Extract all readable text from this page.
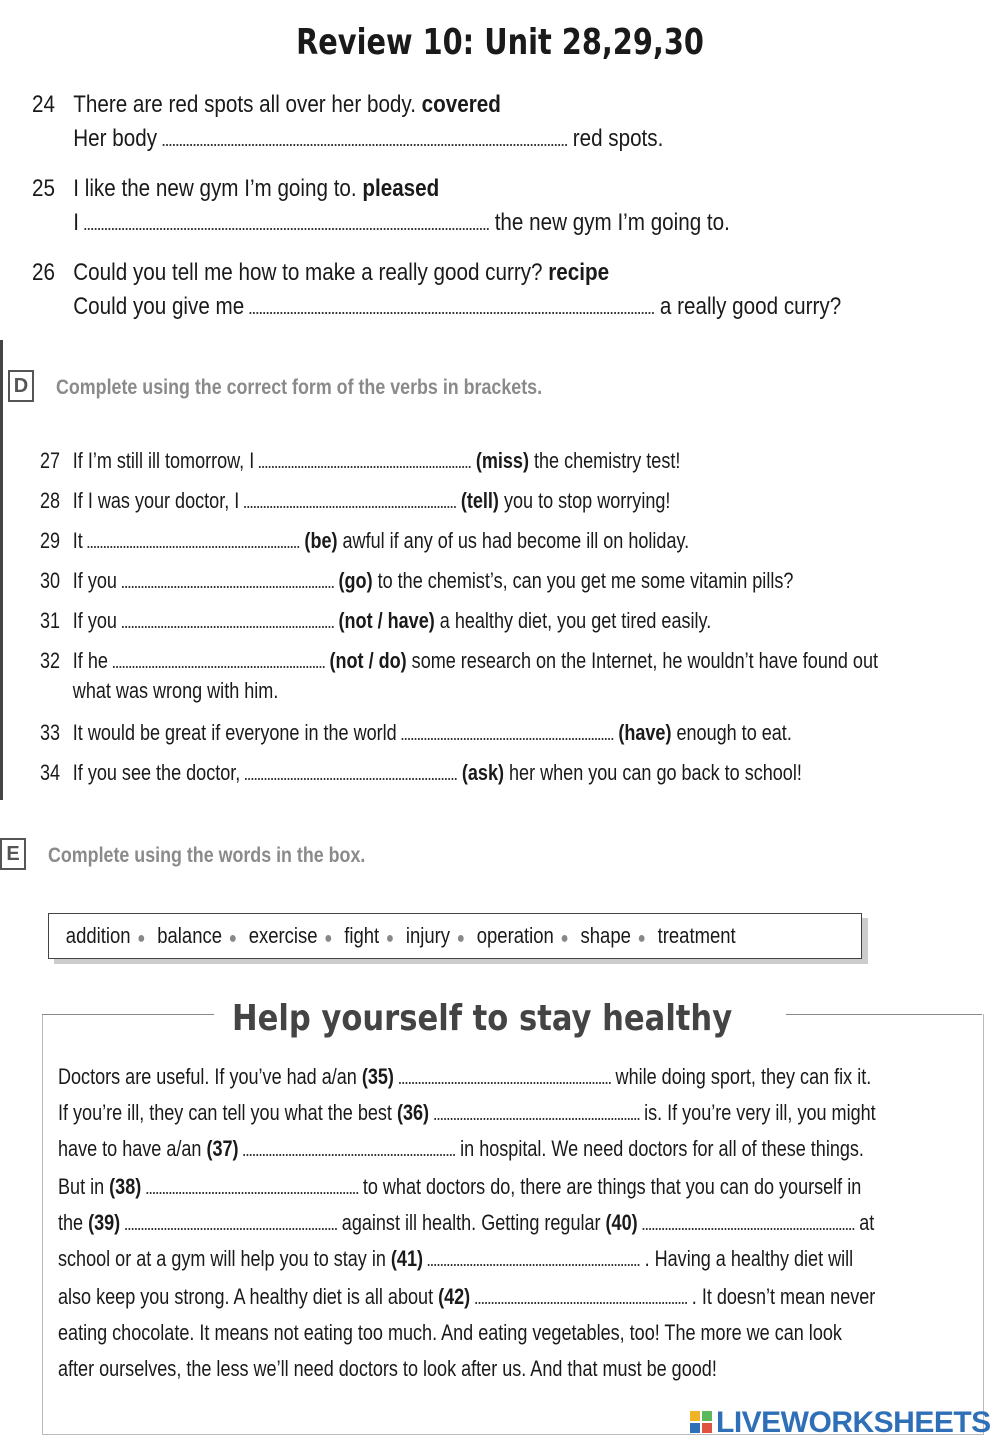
Review 10: Unit 28,29,30
24 There are red spots all over her body. covered
Her body	red spots.
25 I like the new gym I’m going to. pleased
I	the new gym I’m going to.
26 Could you tell me how to make a really good curry? recipe
Could you give me	a really good curry?
D Complete using the correct form of the verbs in brackets.
27 If I’m still ill tomorrow, I	(miss) the chemistry test!
28 If I was your doctor, I	(tell) you to stop worrying!
29 It	(be) awful if any of us had become ill on holiday.
30 If you	(go) to the chemist’s, can you get me some vitamin pills?
31 If you	(not / have) a healthy diet, you get tired easily.
32 If he	(not / do) some research on the Internet, he wouldn’t have found out
what was wrong with him.
33 It would be great if everyone in the world	(have) enough to eat.
34 If you see the doctor,	(ask) her when you can go back to school!
E	Complete using the words in the box.
addition ● balance ● exercise ● fight ● injury ● operation ● shape ● treatment
Help yourself to stay healthy
Doctors are useful. If you’ve had a/an (35)	while doing sport, they can fix it.
If you’re ill, they can tell you what the best (36)	is. If you’re very ill, you might
have to have a/an (37)	in hospital. We need doctors for all of these things.
But in (38)	to what doctors do, there are things that you can do yourself in
the (39)	against ill health. Getting regular (40)	at
school or at a gym will help you to stay in (41)	. Having a healthy diet will
also keep you strong. A healthy diet is all about (42)	. It doesn’t mean never
eating chocolate. It means not eating too much. And eating vegetables, too! The more we can look
after ourselves, the less we’ll need doctors to look after us. And that must be good!
LIVEWORKSHEETS
